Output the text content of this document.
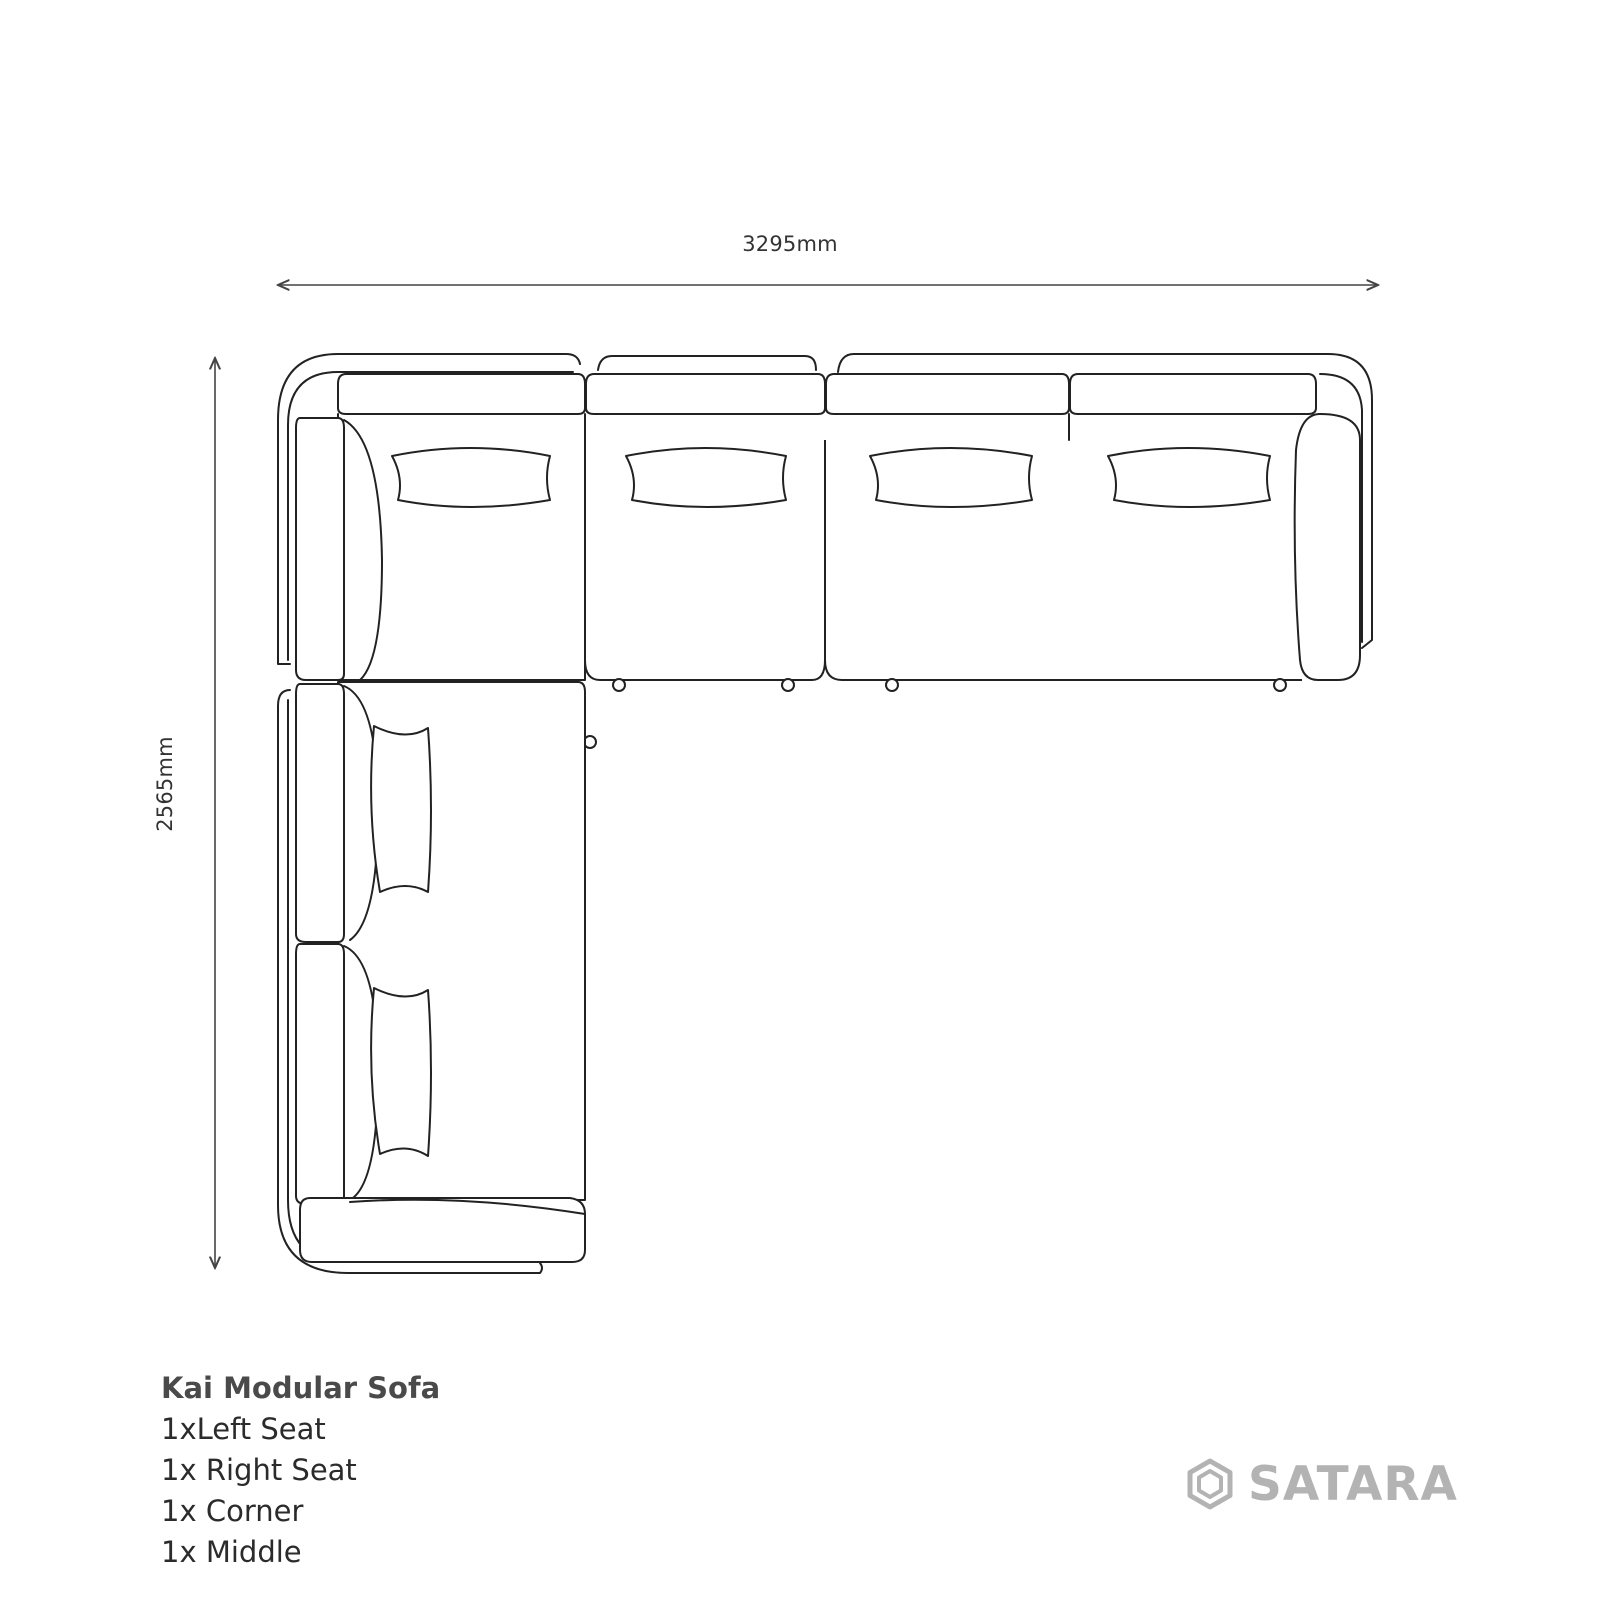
3295mm
2565mm
Kai Modular Sofa
1xLeft Seat
1x Right Seat
1x Corner
1x Middle
SATARA
